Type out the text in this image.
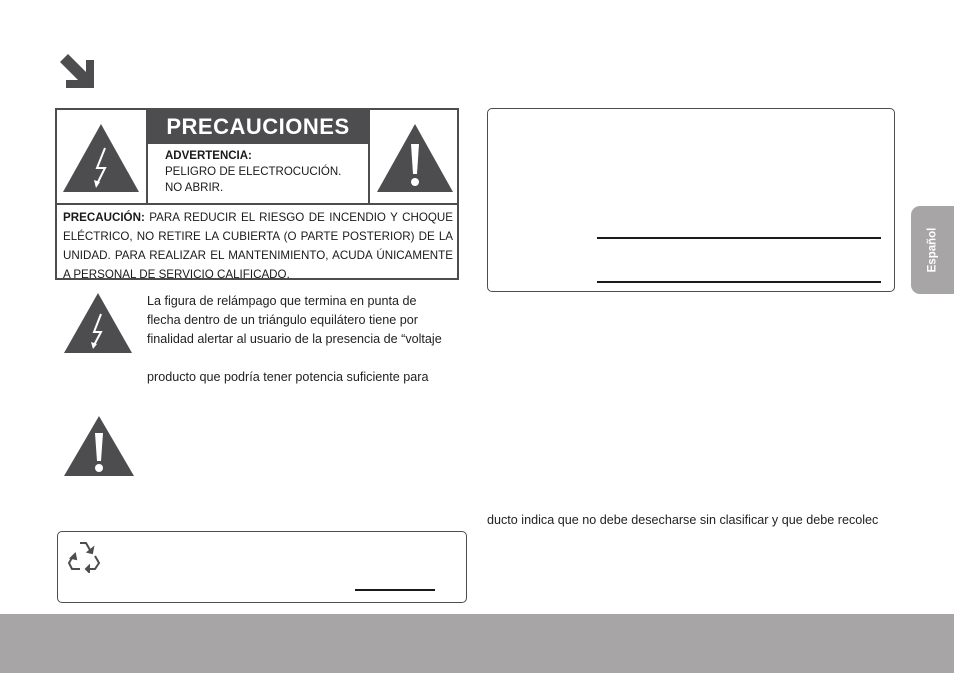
PRECAUCIONES
ADVERTENCIA:
PELIGRO DE ELECTROCUCIÓN.
NO ABRIR.
PRECAUCIÓN: PARA REDUCIR EL RIESGO DE INCENDIO Y CHOQUE ELÉCTRICO, NO RETIRE LA CUBIERTA (O PARTE POSTERIOR) DE LA UNIDAD. PARA REALIZAR EL MANTENIMIENTO, ACUDA ÚNICAMENTE A PERSONAL DE SERVICIO CALIFICADO.
La figura de relámpago que termina en punta de
flecha dentro de un triángulo equilátero tiene por
finalidad alertar al usuario de la presencia de “voltaje
producto que podría tener potencia suficiente para
ducto indica que no debe desecharse sin clasificar y que debe recolec
Español
